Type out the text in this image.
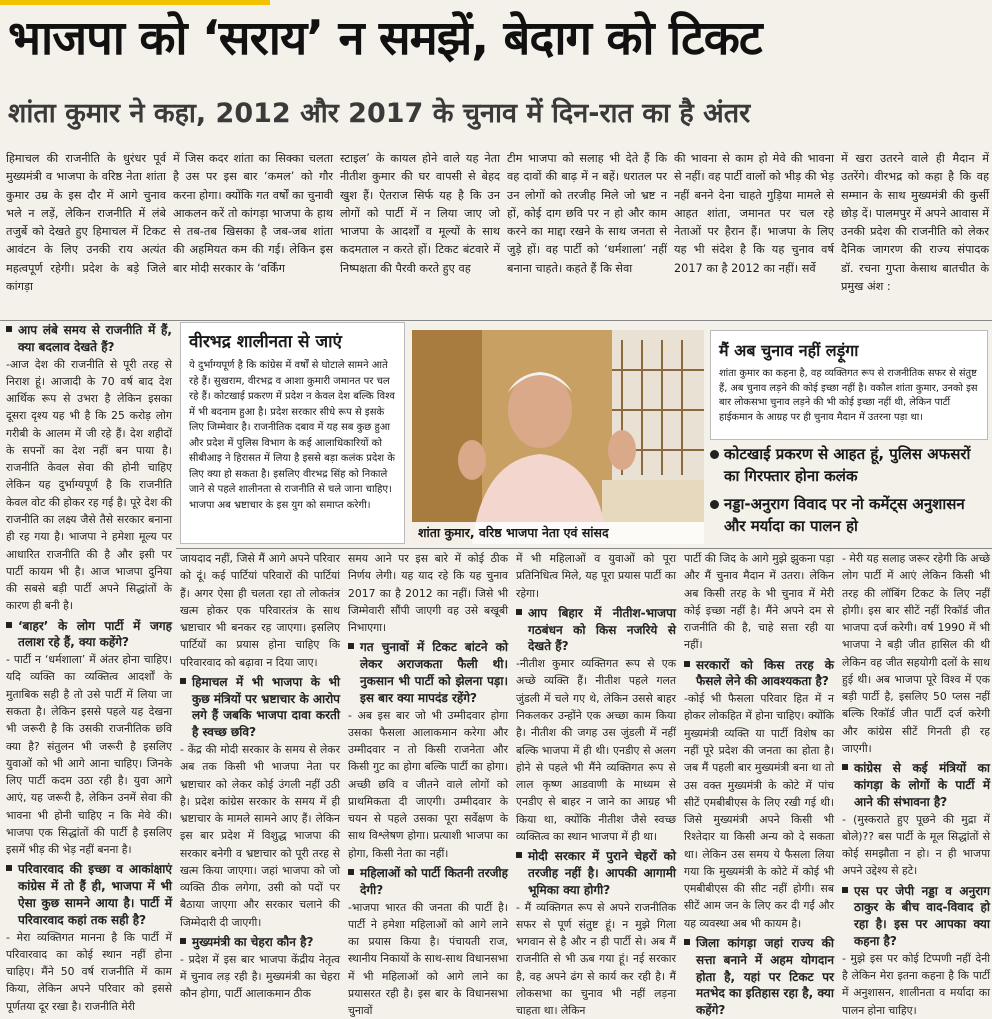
भाजपा को ‘सराय’ न समझें, बेदाग को टिकट
शांता कुमार ने कहा, 2012 और 2017 के चुनाव में दिन-रात का है अंतर
हिमाचल की राजनीति के धुरंधर पूर्व मुख्यमंत्री व भाजपा के वरिष्ठ नेता शांता कुमार उम्र के इस दौर में आगे चुनाव भले न लड़ें, लेकिन राजनीति में लंबे तजुर्बे को देखते हुए हिमाचल में टिकट आवंटन के लिए उनकी राय अत्यंत महत्वपूर्ण रहेगी। प्रदेश के बड़े जिले कांगड़ा
में जिस कदर शांता का सिक्का चलता है उस पर इस बार ‘कमल’ को गौर करना होगा। क्योंकि गत वर्षों का चुनावी आकलन करें तो कांगड़ा भाजपा के हाथ से तब-तब खिसका है जब-जब शांता की अहमियत कम की गई। लेकिन इस बार मोदी सरकार के ‘वर्किंग
स्टाइल’ के कायल होने वाले यह नेता नीतीश कुमार की घर वापसी से बेहद खुश हैं। ऐतराज सिर्फ यह है कि उन लोगों को पार्टी में न लिया जाए जो भाजपा के आदर्शों व मूल्यों के साथ कदमताल न करते हों। टिकट बंटवारे में निष्पक्षता की पैरवी करते हुए वह
टीम भाजपा को सलाह भी देते हैं कि वह दावों की बाढ़ में न बहें। धरातल पर उन लोगों को तरजीह मिले जो भ्रष्ट न हों, कोई दाग छवि पर न हो और काम करने का माद्दा रखने के साथ जनता से जुड़े हों। वह पार्टी को ‘धर्मशाला’ नहीं बनाना चाहते। कहते हैं कि सेवा
की भावना से काम हो मेवे की भावना से नहीं। वह पार्टी वालों को भीड़ की भेड़ नहीं बनने देना चाहते गुड़िया मामले से आहत शांता, जमानत पर चल रहे नेताओं पर हैरान हैं। भाजपा के लिए यह भी संदेश है कि यह चुनाव वर्ष 2017 का है 2012 का नहीं। सर्वे
में खरा उतरने वाले ही मैदान में उतरेंगे। वीरभद्र को कहा है कि वह सम्मान के साथ मुख्यमंत्री की कुर्सी छोड़ दें। पालमपुर में अपने आवास में उनकी प्रदेश की राजनीति को लेकर दैनिक जागरण की राज्य संपादक डॉ. रचना गुप्ता केसाथ बातचीत के प्रमुख अंश :

आप लंबे समय से राजनीति में हैं, क्या बदलाव देखते हैं?

-आज देश की राजनीति से पूरी तरह से निराश हूं। आजादी के 70 वर्ष बाद देश आर्थिक रूप से उभरा है लेकिन इसका दूसरा दृश्य यह भी है कि 25 करोड़ लोग गरीबी के आलम में जी रहे हैं। देश शहीदों के सपनों का देश नहीं बन पाया है। राजनीति केवल सेवा की होनी चाहिए लेकिन यह दुर्भाग्यपूर्ण है कि राजनीति केवल वोट की होकर रह गई है। पूरे देश की राजनीति का लक्ष्य जैसे तैसे सरकार बनाना ही रह गया है। भाजपा ने हमेशा मूल्य पर आधारित राजनीति की है और इसी पर पार्टी कायम भी है। आज भाजपा दुनिया की सबसे बड़ी पार्टी अपने सिद्धांतों के कारण ही बनी है।

‘बाहर’ के लोग पार्टी में जगह तलाश रहे हैं, क्या कहेंगे?

- पार्टी न ‘धर्मशाला’ में अंतर होना चाहिए। यदि व्यक्ति का व्यक्तित्व आदर्शों के मुताबिक सही है तो उसे पार्टी में लिया जा सकता है। लेकिन इससे पहले यह देखना भी जरूरी है कि उसकी राजनीतिक छवि क्या है? संतुलन भी जरूरी है इसलिए युवाओं को भी आगे आना चाहिए। जिनके लिए पार्टी कदम उठा रही है। युवा आगे आएं, यह जरूरी है, लेकिन उनमें सेवा की भावना भी होनी चाहिए न कि मेवे की। भाजपा एक सिद्धांतों की पार्टी है इसलिए इसमें भीड़ की भेड़ नहीं बनना है।

परिवारवाद की इच्छा व आकांक्षाएं कांग्रेस में तो हैं ही, भाजपा में भी ऐसा कुछ सामने आया है। पार्टी में परिवारवाद कहां तक सही है?

- मेरा व्यक्तिगत मानना है कि पार्टी में परिवारवाद का कोई स्थान नहीं होना चाहिए। मैंने 50 वर्ष राजनीति में काम किया, लेकिन अपने परिवार को इससे पूर्णतया दूर रखा है। राजनीति मेरी

वीरभद्र शालीनता से जाएं

ये दुर्भाग्यपूर्ण है कि कांग्रेस में वर्षों से घोटाले सामने आते रहे हैं। सुखराम, वीरभद्र व आशा कुमारी जमानत पर चल रहे हैं। कोटखाई प्रकरण में प्रदेश न केवल देश बल्कि विश्व में भी बदनाम हुआ है। प्रदेश सरकार सीधे रूप से इसके लिए जिम्मेवार है। राजनीतिक दबाव में यह सब कुछ हुआ और प्रदेश में पुलिस विभाग के कई आलाधिकारियों को सीबीआइ ने हिरासत में लिया है इससे बड़ा कलंक प्रदेश के लिए क्या हो सकता है। इसलिए वीरभद्र सिंह को निकाले जाने से पहले शालीनता से राजनीति से चले जाना चाहिए। भाजपा अब भ्रष्टाचार के इस युग को समाप्त करेगी।

शांता कुमार, वरिष्ठ भाजपा नेता एवं सांसद

मैं अब चुनाव नहीं लड़ूंगा

शांता कुमार का कहना है, वह व्यक्तिगत रूप से राजनीतिक सफर से संतुष्ट हैं, अब चुनाव लड़ने की कोई इच्छा नहीं है। वकौल शांता कुमार, उनको इस बार लोकसभा चुनाव लड़ने की भी कोई इच्छा नहीं थी, लेकिन पार्टी हाईकमान के आग्रह पर ही चुनाव मैदान में उतरना पड़ा था।

कोटखाई प्रकरण से आहत हूं, पुलिस अफसरों का गिरफ्तार होना कलंक
नड्डा-अनुराग विवाद पर नो कमेंट्स अनुशासन और मर्यादा का पालन हो

जायदाद नहीं, जिसे मैं आगे अपने परिवार को दूं। कई पार्टियां परिवारों की पार्टियां हैं। अगर ऐसा ही चलता रहा तो लोकतंत्र खत्म होकर एक परिवारतंत्र के साथ भ्रष्टाचार भी बनकर रह जाएगा। इसलिए पार्टियों का प्रयास होना चाहिए कि परिवारवाद को बढ़ावा न दिया जाए।

हिमाचल में भी भाजपा के भी कुछ मंत्रियों पर भ्रष्टाचार के आरोप लगे हैं जबकि भाजपा दावा करती है स्वच्छ छवि?

- केंद्र की मोदी सरकार के समय से लेकर अब तक किसी भी भाजपा नेता पर भ्रष्टाचार को लेकर कोई उंगली नहीं उठी है। प्रदेश कांग्रेस सरकार के समय में ही भ्रष्टाचार के मामले सामने आए हैं। लेकिन इस बार प्रदेश में विशुद्ध भाजपा की सरकार बनेगी व भ्रष्टाचार को पूरी तरह से खत्म किया जाएगा। जहां भाजपा को जो व्यक्ति ठीक लगेगा, उसी को पदों पर बैठाया जाएगा और सरकार चलाने की जिम्मेदारी दी जाएगी।

मुख्यमंत्री का चेहरा कौन है?

- प्रदेश में इस बार भाजपा केंद्रीय नेतृत्व में चुनाव लड़ रही है। मुख्यमंत्री का चेहरा कौन होगा, पार्टी आलाकमान ठीक

समय आने पर इस बारे में कोई ठीक निर्णय लेगी। यह याद रहे कि यह चुनाव 2017 का है 2012 का नहीं। जिसे भी जिम्मेवारी सौंपी जाएगी वह उसे बखूबी निभाएगा।

गत चुनावों में टिकट बांटने को लेकर अराजकता फैली थी। नुकसान भी पार्टी को झेलना पड़ा। इस बार क्या मापदंड रहेंगे?

- अब इस बार जो भी उम्मीदवार होगा उसका फैसला आलाकमान करेगा और उम्मीदवार न तो किसी राजनेता और किसी गुट का होगा बल्कि पार्टी का होगा। अच्छी छवि व जीतने वाले लोगों को प्राथमिकता दी जाएगी। उम्मीदवार के चयन से पहले उसका पूरा सर्वेक्षण के साथ विश्लेषण होगा। प्रत्याशी भाजपा का होगा, किसी नेता का नहीं।

महिलाओं को पार्टी कितनी तरजीह देगी?

-भाजपा भारत की जनता की पार्टी है। पार्टी ने हमेशा महिलाओं को आगे लाने का प्रयास किया है। पंचायती राज, स्थानीय निकायों के साथ-साथ विधानसभा में भी महिलाओं को आगे लाने का प्रयासरत रही है। इस बार के विधानसभा चुनावों

में भी महिलाओं व युवाओं को पूरा प्रतिनिधित्व मिले, यह पूरा प्रयास पार्टी का रहेगा।

आप बिहार में नीतीश-भाजपा गठबंधन को किस नजरिये से देखते हैं?

-नीतीश कुमार व्यक्तिगत रूप से एक अच्छे व्यक्ति हैं। नीतीश पहले गलत जुंडली में चले गए थे, लेकिन उससे बाहर निकलकर उन्होंने एक अच्छा काम किया है। नीतीश की जगह उस जुंडली में नहीं बल्कि भाजपा में ही थी। एनडीए से अलग होने से पहले भी मैंने व्यक्तिगत रूप से लाल कृष्ण आडवाणी के माध्यम से एनडीए से बाहर न जाने का आग्रह भी किया था, क्योंकि नीतीश जैसे स्वच्छ व्यक्तित्व का स्थान भाजपा में ही था।

मोदी सरकार में पुराने चेहरों को तरजीह नहीं है। आपकी आगामी भूमिका क्या होगी?

- मैं व्यक्तिगत रूप से अपने राजनीतिक सफर से पूर्ण संतुष्ट हूं। न मुझे गिला भगवान से है और न ही पार्टी से। अब मैं राजनीति से भी ऊब गया हूं। नई सरकार है, वह अपने ढंग से कार्य कर रही है। मैं लोकसभा का चुनाव भी नहीं लड़ना चाहता था। लेकिन

पार्टी की जिद के आगे मुझे झुकना पड़ा और मैं चुनाव मैदान में उतरा। लेकिन अब किसी तरह के भी चुनाव में मेरी कोई इच्छा नहीं है। मैंने अपने दम से राजनीति की है, चाहे सत्ता रही या नहीं।

सरकारों को किस तरह के फैसले लेने की आवश्यकता है?

-कोई भी फैसला परिवार हित में न होकर लोकहित में होना चाहिए। क्योंकि मुख्यमंत्री व्यक्ति या पार्टी विशेष का नहीं पूरे प्रदेश की जनता का होता है। जब मैं पहली बार मुख्यमंत्री बना था तो उस वक्त मुख्यमंत्री के कोटे में पांच सीटें एमबीबीएस के लिए रखी गई थी। जिसे मुख्यमंत्री अपने किसी भी रिश्तेदार या किसी अन्य को दे सकता था। लेकिन उस समय ये फैसला लिया गया कि मुख्यमंत्री के कोटे में कोई भी एमबीबीएस की सीट नहीं होगी। सब सीटें आम जन के लिए कर दी गईं और यह व्यवस्था अब भी कायम है।

जिला कांगड़ा जहां राज्य की सत्ता बनाने में अहम योगदान होता है, यहां पर टिकट पर मतभेद का इतिहास रहा है, क्या कहेंगे?

- मेरी यह सलाह जरूर रहेगी कि अच्छे लोग पार्टी में आएं लेकिन किसी भी तरह की लॉबिंग टिकट के लिए नहीं होगी। इस बार सीटें नहीं रिकॉर्ड जीत भाजपा दर्ज करेगी। वर्ष 1990 में भी भाजपा ने बड़ी जीत हासिल की थी लेकिन वह जीत सहयोगी दलों के साथ हुई थी। अब भाजपा पूरे विश्व में एक बड़ी पार्टी है, इसलिए 50 प्लस नहीं बल्कि रिकॉर्ड जीत पार्टी दर्ज करेगी और कांग्रेस सीटें गिनती ही रह जाएगी।

कांग्रेस से कई मंत्रियों का कांगड़ा के लोगों के पार्टी में आने की संभावना है?

- (मुस्कराते हुए पूछने की मुद्रा में बोले)?? बस पार्टी के मूल सिद्धांतों से कोई समझौता न हो। न ही भाजपा अपने उद्देश्य से हटे।

एस पर जेपी नड्डा व अनुराग ठाकुर के बीच वाद-विवाद हो रहा है। इस पर आपका क्या कहना है?

- मुझे इस पर कोई टिप्पणी नहीं देनी है लेकिन मेरा इतना कहना है कि पार्टी में अनुशासन, शालीनता व मर्यादा का पालन होना चाहिए।
